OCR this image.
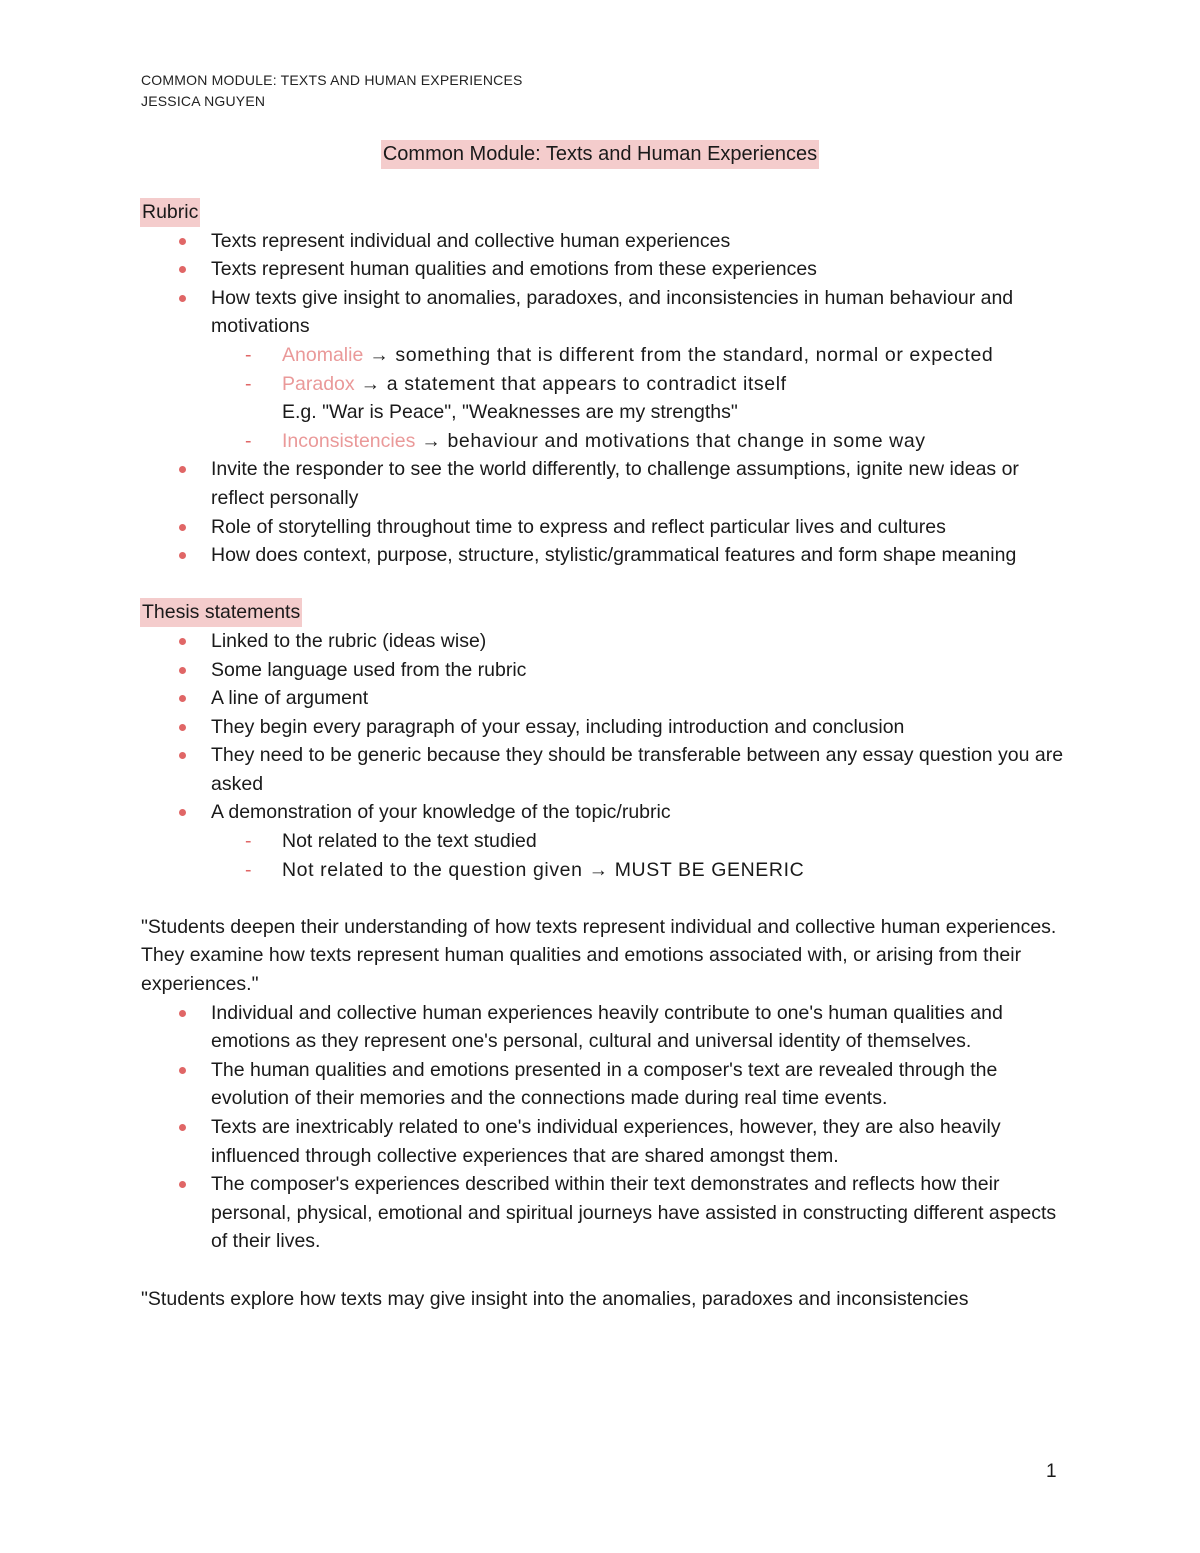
COMMON MODULE: TEXTS AND HUMAN EXPERIENCES
JESSICA NGUYEN
Common Module: Texts and Human Experiences
Rubric
Texts represent individual and collective human experiences
Texts represent human qualities and emotions from these experiences
How texts give insight to anomalies, paradoxes, and inconsistencies in human behaviour and motivations
- Anomalie → something that is different from the standard, normal or expected
- Paradox → a statement that appears to contradict itself
E.g. "War is Peace", "Weaknesses are my strengths"
- Inconsistencies → behaviour and motivations that change in some way
Invite the responder to see the world differently, to challenge assumptions, ignite new ideas or reflect personally
Role of storytelling throughout time to express and reflect particular lives and cultures
How does context, purpose, structure, stylistic/grammatical features and form shape meaning
Thesis statements
Linked to the rubric (ideas wise)
Some language used from the rubric
A line of argument
They begin every paragraph of your essay, including introduction and conclusion
They need to be generic because they should be transferable between any essay question you are asked
A demonstration of your knowledge of the topic/rubric
- Not related to the text studied
- Not related to the question given → MUST BE GENERIC

"Students deepen their understanding of how texts represent individual and collective human experiences. They examine how texts represent human qualities and emotions associated with, or arising from their experiences."

Individual and collective human experiences heavily contribute to one's human qualities and emotions as they represent one's personal, cultural and universal identity of themselves.
The human qualities and emotions presented in a composer's text are revealed through the evolution of their memories and the connections made during real time events.
Texts are inextricably related to one's individual experiences, however, they are also heavily influenced through collective experiences that are shared amongst them.
The composer's experiences described within their text demonstrates and reflects how their personal, physical, emotional and spiritual journeys have assisted in constructing different aspects of their lives.

"Students explore how texts may give insight into the anomalies, paradoxes and inconsistencies

1
